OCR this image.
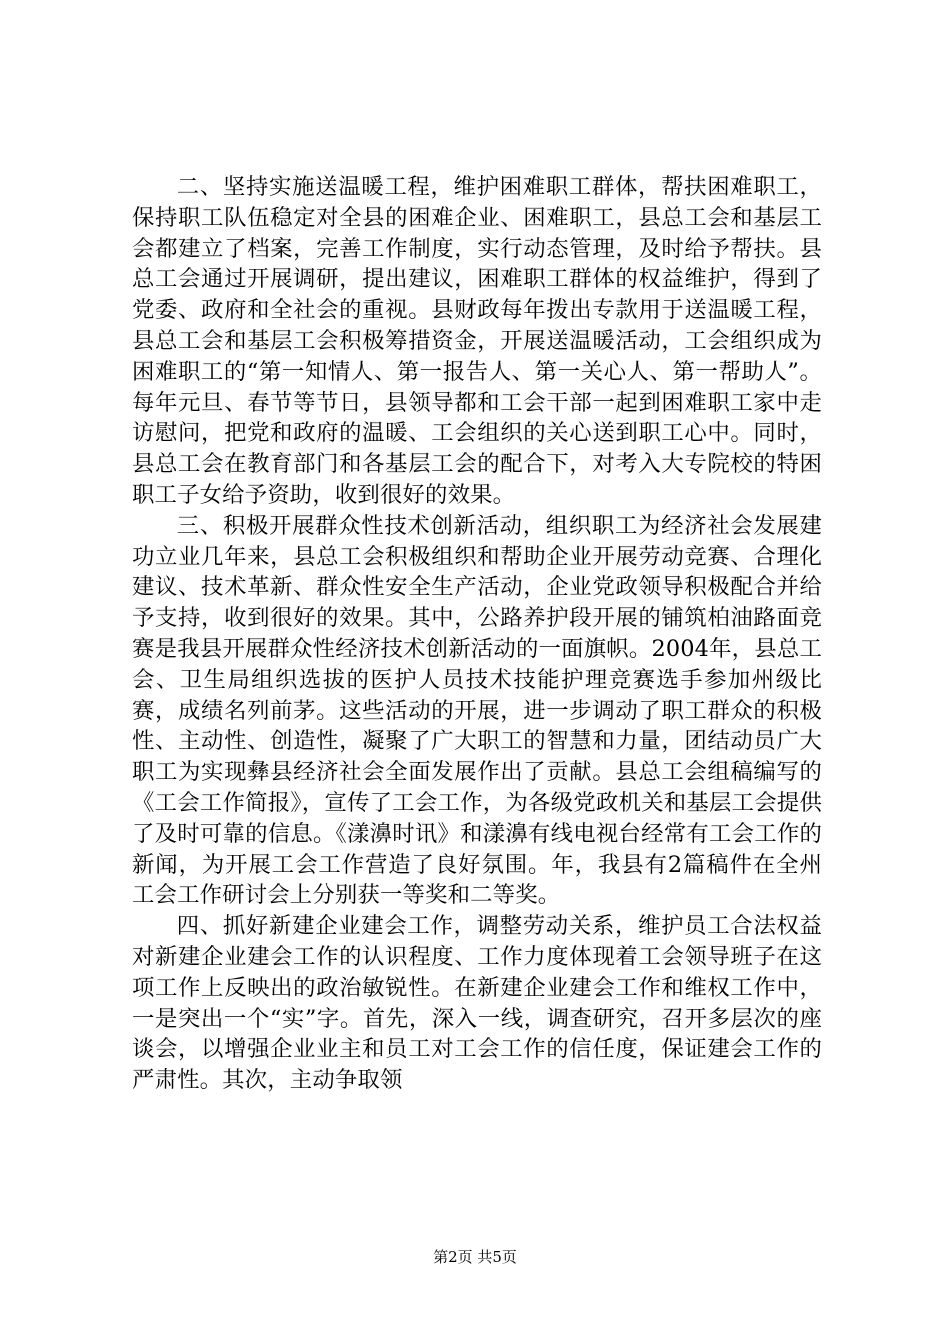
二、坚持实施送温暖工程，维护困难职工群体，帮扶困难职工，保持职工队伍稳定对全县的困难企业、困难职工，县总工会和基层工会都建立了档案，完善工作制度，实行动态管理，及时给予帮扶。县总工会通过开展调研，提出建议，困难职工群体的权益维护，得到了党委、政府和全社会的重视。县财政每年拨出专款用于送温暖工程，县总工会和基层工会积极筹措资金，开展送温暖活动，工会组织成为困难职工的“第一知情人、第一报告人、第一关心人、第一帮助人”。每年元旦、春节等节日，县领导都和工会干部一起到困难职工家中走访慰问，把党和政府的温暖、工会组织的关心送到职工心中。同时，县总工会在教育部门和各基层工会的配合下，对考入大专院校的特困职工子女给予资助，收到很好的效果。

三、积极开展群众性技术创新活动，组织职工为经济社会发展建功立业几年来，县总工会积极组织和帮助企业开展劳动竞赛、合理化建议、技术革新、群众性安全生产活动，企业党政领导积极配合并给予支持，收到很好的效果。其中，公路养护段开展的铺筑柏油路面竞赛是我县开展群众性经济技术创新活动的一面旗帜。2004年，县总工会、卫生局组织选拔的医护人员技术技能护理竞赛选手参加州级比赛，成绩名列前茅。这些活动的开展，进一步调动了职工群众的积极性、主动性、创造性，凝聚了广大职工的智慧和力量，团结动员广大职工为实现彝县经济社会全面发展作出了贡献。县总工会组稿编写的《工会工作简报》，宣传了工会工作，为各级党政机关和基层工会提供了及时可靠的信息。《漾濞时讯》和漾濞有线电视台经常有工会工作的新闻，为开展工会工作营造了良好氛围。年，我县有2篇稿件在全州工会工作研讨会上分别获一等奖和二等奖。

四、抓好新建企业建会工作，调整劳动关系，维护员工合法权益对新建企业建会工作的认识程度、工作力度体现着工会领导班子在这项工作上反映出的政治敏锐性。在新建企业建会工作和维权工作中，一是突出一个“实”字。首先，深入一线，调查研究，召开多层次的座谈会，以增强企业业主和员工对工会工作的信任度，保证建会工作的严肃性。其次，主动争取领

第2页 共5页
